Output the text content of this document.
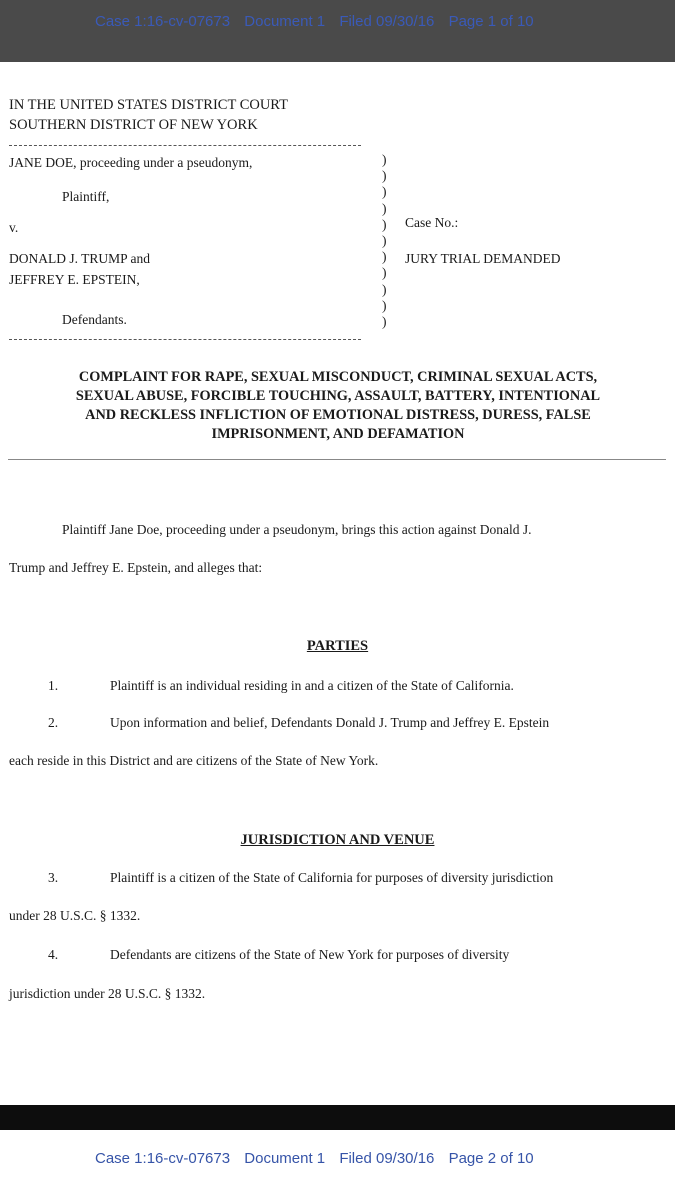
Case 1:16-cv-07673 Document 1 Filed 09/30/16 Page 1 of 10
IN THE UNITED STATES DISTRICT COURT
SOUTHERN DISTRICT OF NEW YORK
JANE DOE, proceeding under a pseudonym,
Plaintiff,
v.
DONALD J. TRUMP and
JEFFREY E. EPSTEIN,
Defendants.
)
)
)
)
)
)
)
)
)
)
)
Case No.:
JURY TRIAL DEMANDED
COMPLAINT FOR RAPE, SEXUAL MISCONDUCT, CRIMINAL SEXUAL ACTS,
SEXUAL ABUSE, FORCIBLE TOUCHING, ASSAULT, BATTERY, INTENTIONAL
AND RECKLESS INFLICTION OF EMOTIONAL DISTRESS, DURESS, FALSE
IMPRISONMENT, AND DEFAMATION
Plaintiff Jane Doe, proceeding under a pseudonym, brings this action against Donald J.
Trump and Jeffrey E. Epstein, and alleges that:
PARTIES
1.	Plaintiff is an individual residing in and a citizen of the State of California.
2.	Upon information and belief, Defendants Donald J. Trump and Jeffrey E. Epstein
each reside in this District and are citizens of the State of New York.
JURISDICTION AND VENUE
3.	Plaintiff is a citizen of the State of California for purposes of diversity jurisdiction
under 28 U.S.C. § 1332.
4.	Defendants are citizens of the State of New York for purposes of diversity
jurisdiction under 28 U.S.C. § 1332.
Case 1:16-cv-07673 Document 1 Filed 09/30/16 Page 2 of 10
